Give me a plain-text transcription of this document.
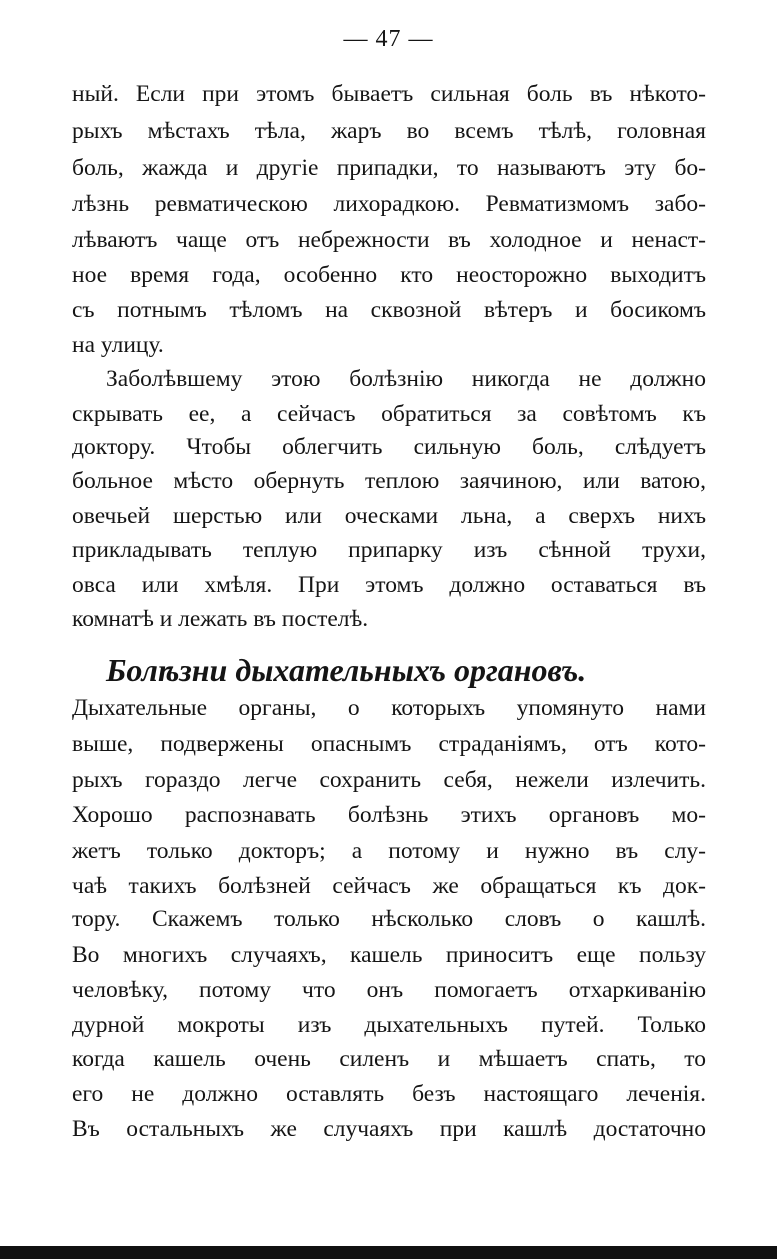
— 47 —
ный. Если при этомъ бываетъ сильная боль въ нѣкото-
рыхъ мѣстахъ тѣла, жаръ во всемъ тѣлѣ, головная
боль, жажда и другіе припадки, то называютъ эту бо-
лѣзнь ревматическою лихорадкою. Ревматизмомъ забо-
лѣваютъ чаще отъ небрежности въ холодное и ненаст-
ное время года, особенно кто неосторожно выходитъ
съ потнымъ тѣломъ на сквозной вѣтеръ и босикомъ
на улицу.
Заболѣвшему этою болѣзнію никогда не должно
скрывать ее, а сейчасъ обратиться за совѣтомъ къ
доктору. Чтобы облегчить сильную боль, слѣдуетъ
больное мѣсто обернуть теплою заячиною, или ватою,
овечьей шерстью или оческами льна, а сверхъ нихъ
прикладывать теплую припарку изъ сѣнной трухи,
овса или хмѣля. При этомъ должно оставаться въ
комнатѣ и лежать въ постелѣ.
Болѣзни дыхательныхъ органовъ.
Дыхательные органы, о которыхъ упомянуто нами
выше, подвержены опаснымъ страданіямъ, отъ кото-
рыхъ гораздо легче сохранить себя, нежели излечить.
Хорошо распознавать болѣзнь этихъ органовъ мо-
жетъ только докторъ; а потому и нужно въ слу-
чаѣ такихъ болѣзней сейчасъ же обращаться къ док-
тору. Скажемъ только нѣсколько словъ о кашлѣ.
Во многихъ случаяхъ, кашель приноситъ еще пользу
человѣку, потому что онъ помогаетъ отхаркиванію
дурной мокроты изъ дыхательныхъ путей. Только
когда кашель очень силенъ и мѣшаетъ спать, то
его не должно оставлять безъ настоящаго леченія.
Въ остальныхъ же случаяхъ при кашлѣ достаточно
